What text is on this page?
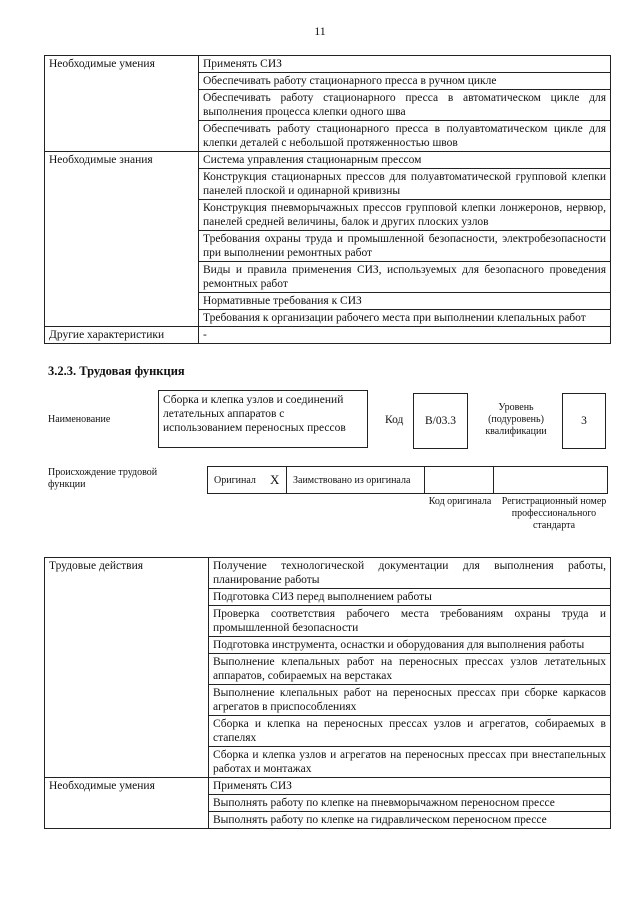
11
Необходимые умения	Применять СИЗ
	Обеспечивать работу стационарного пресса в ручном цикле
	Обеспечивать работу стационарного пресса в автоматическом цикле для выполнения процесса клепки одного шва
	Обеспечивать работу стационарного пресса в полуавтоматическом цикле для клепки деталей с небольшой протяженностью швов
Необходимые знания	Система управления стационарным прессом
	Конструкция стационарных прессов для полуавтоматической групповой клепки панелей плоской и одинарной кривизны
	Конструкция пневморычажных прессов групповой клепки лонжеронов, нервюр, панелей средней величины, балок и других плоских узлов
	Требования охраны труда и промышленной безопасности, электробезопасности при выполнении ремонтных работ
	Виды и правила применения СИЗ, используемых для безопасного проведения ремонтных работ
	Нормативные требования к СИЗ
	Требования к организации рабочего места при выполнении клепальных работ
Другие характеристики	-
3.2.3. Трудовая функция
Наименование
Сборка и клепка узлов и соединений летательных аппаратов с использованием переносных прессов
Код	B/03.3
Уровень (подуровень) квалификации
3
Происхождение трудовой функции	Оригинал X Заимствовано из оригинала
Код оригинала Регистрационный номер профессионального стандарта
Трудовые действия	Получение технологической документации для выполнения работы, планирование работы
	Подготовка СИЗ перед выполнением работы
	Проверка соответствия рабочего места требованиям охраны труда и промышленной безопасности
	Подготовка инструмента, оснастки и оборудования для выполнения работы
	Выполнение клепальных работ на переносных прессах узлов летательных аппаратов, собираемых на верстаках
	Выполнение клепальных работ на переносных прессах при сборке каркасов агрегатов в приспособлениях
	Сборка и клепка на переносных прессах узлов и агрегатов, собираемых в стапелях
	Сборка и клепка узлов и агрегатов на переносных прессах при внестапельных работах и монтажах
Необходимые умения	Применять СИЗ
	Выполнять работу по клепке на пневморычажном переносном прессе
	Выполнять работу по клепке на гидравлическом переносном прессе
